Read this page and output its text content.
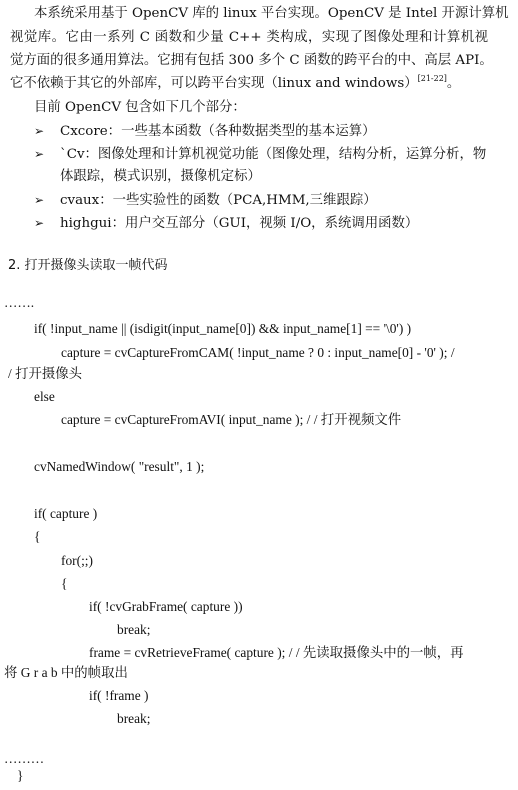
本系统采用基于 OpenCV 库的 linux 平台实现。OpenCV 是 Intel 开源计算机
视觉库。它由一系列 C 函数和少量 C++ 类构成，实现了图像处理和计算机视
觉方面的很多通用算法。它拥有包括 300 多个 C 函数的跨平台的中、高层 API。
它不依赖于其它的外部库，可以跨平台实现（linux and windows）[21-22]。
目前 OpenCV 包含如下几个部分：
➢ Cxcore：一些基本函数（各种数据类型的基本运算）
➢ `Cv：图像处理和计算机视觉功能（图像处理，结构分析，运算分析，物
体跟踪，模式识别，摄像机定标）
➢ cvaux：一些实验性的函数（PCA,HMM,三维跟踪）
➢ highgui：用户交互部分（GUI，视频 I/O，系统调用函数）
2. 打开摄像头读取一帧代码
…….
if( !input_name || (isdigit(input_name[0]) && input_name[1] == '\0') )
capture = cvCaptureFromCAM( !input_name ? 0 : input_name[0] - '0' ); /
/ 打开摄像头
else
capture = cvCaptureFromAVI( input_name ); / / 打开视频文件
cvNamedWindow( "result", 1 );
if( capture )
{
for(;;)
{
if( !cvGrabFrame( capture ))
break;
frame = cvRetrieveFrame( capture ); / / 先读取摄像头中的一帧，再
将 G r a b 中的帧取出
if( !frame )
break;
………
}
